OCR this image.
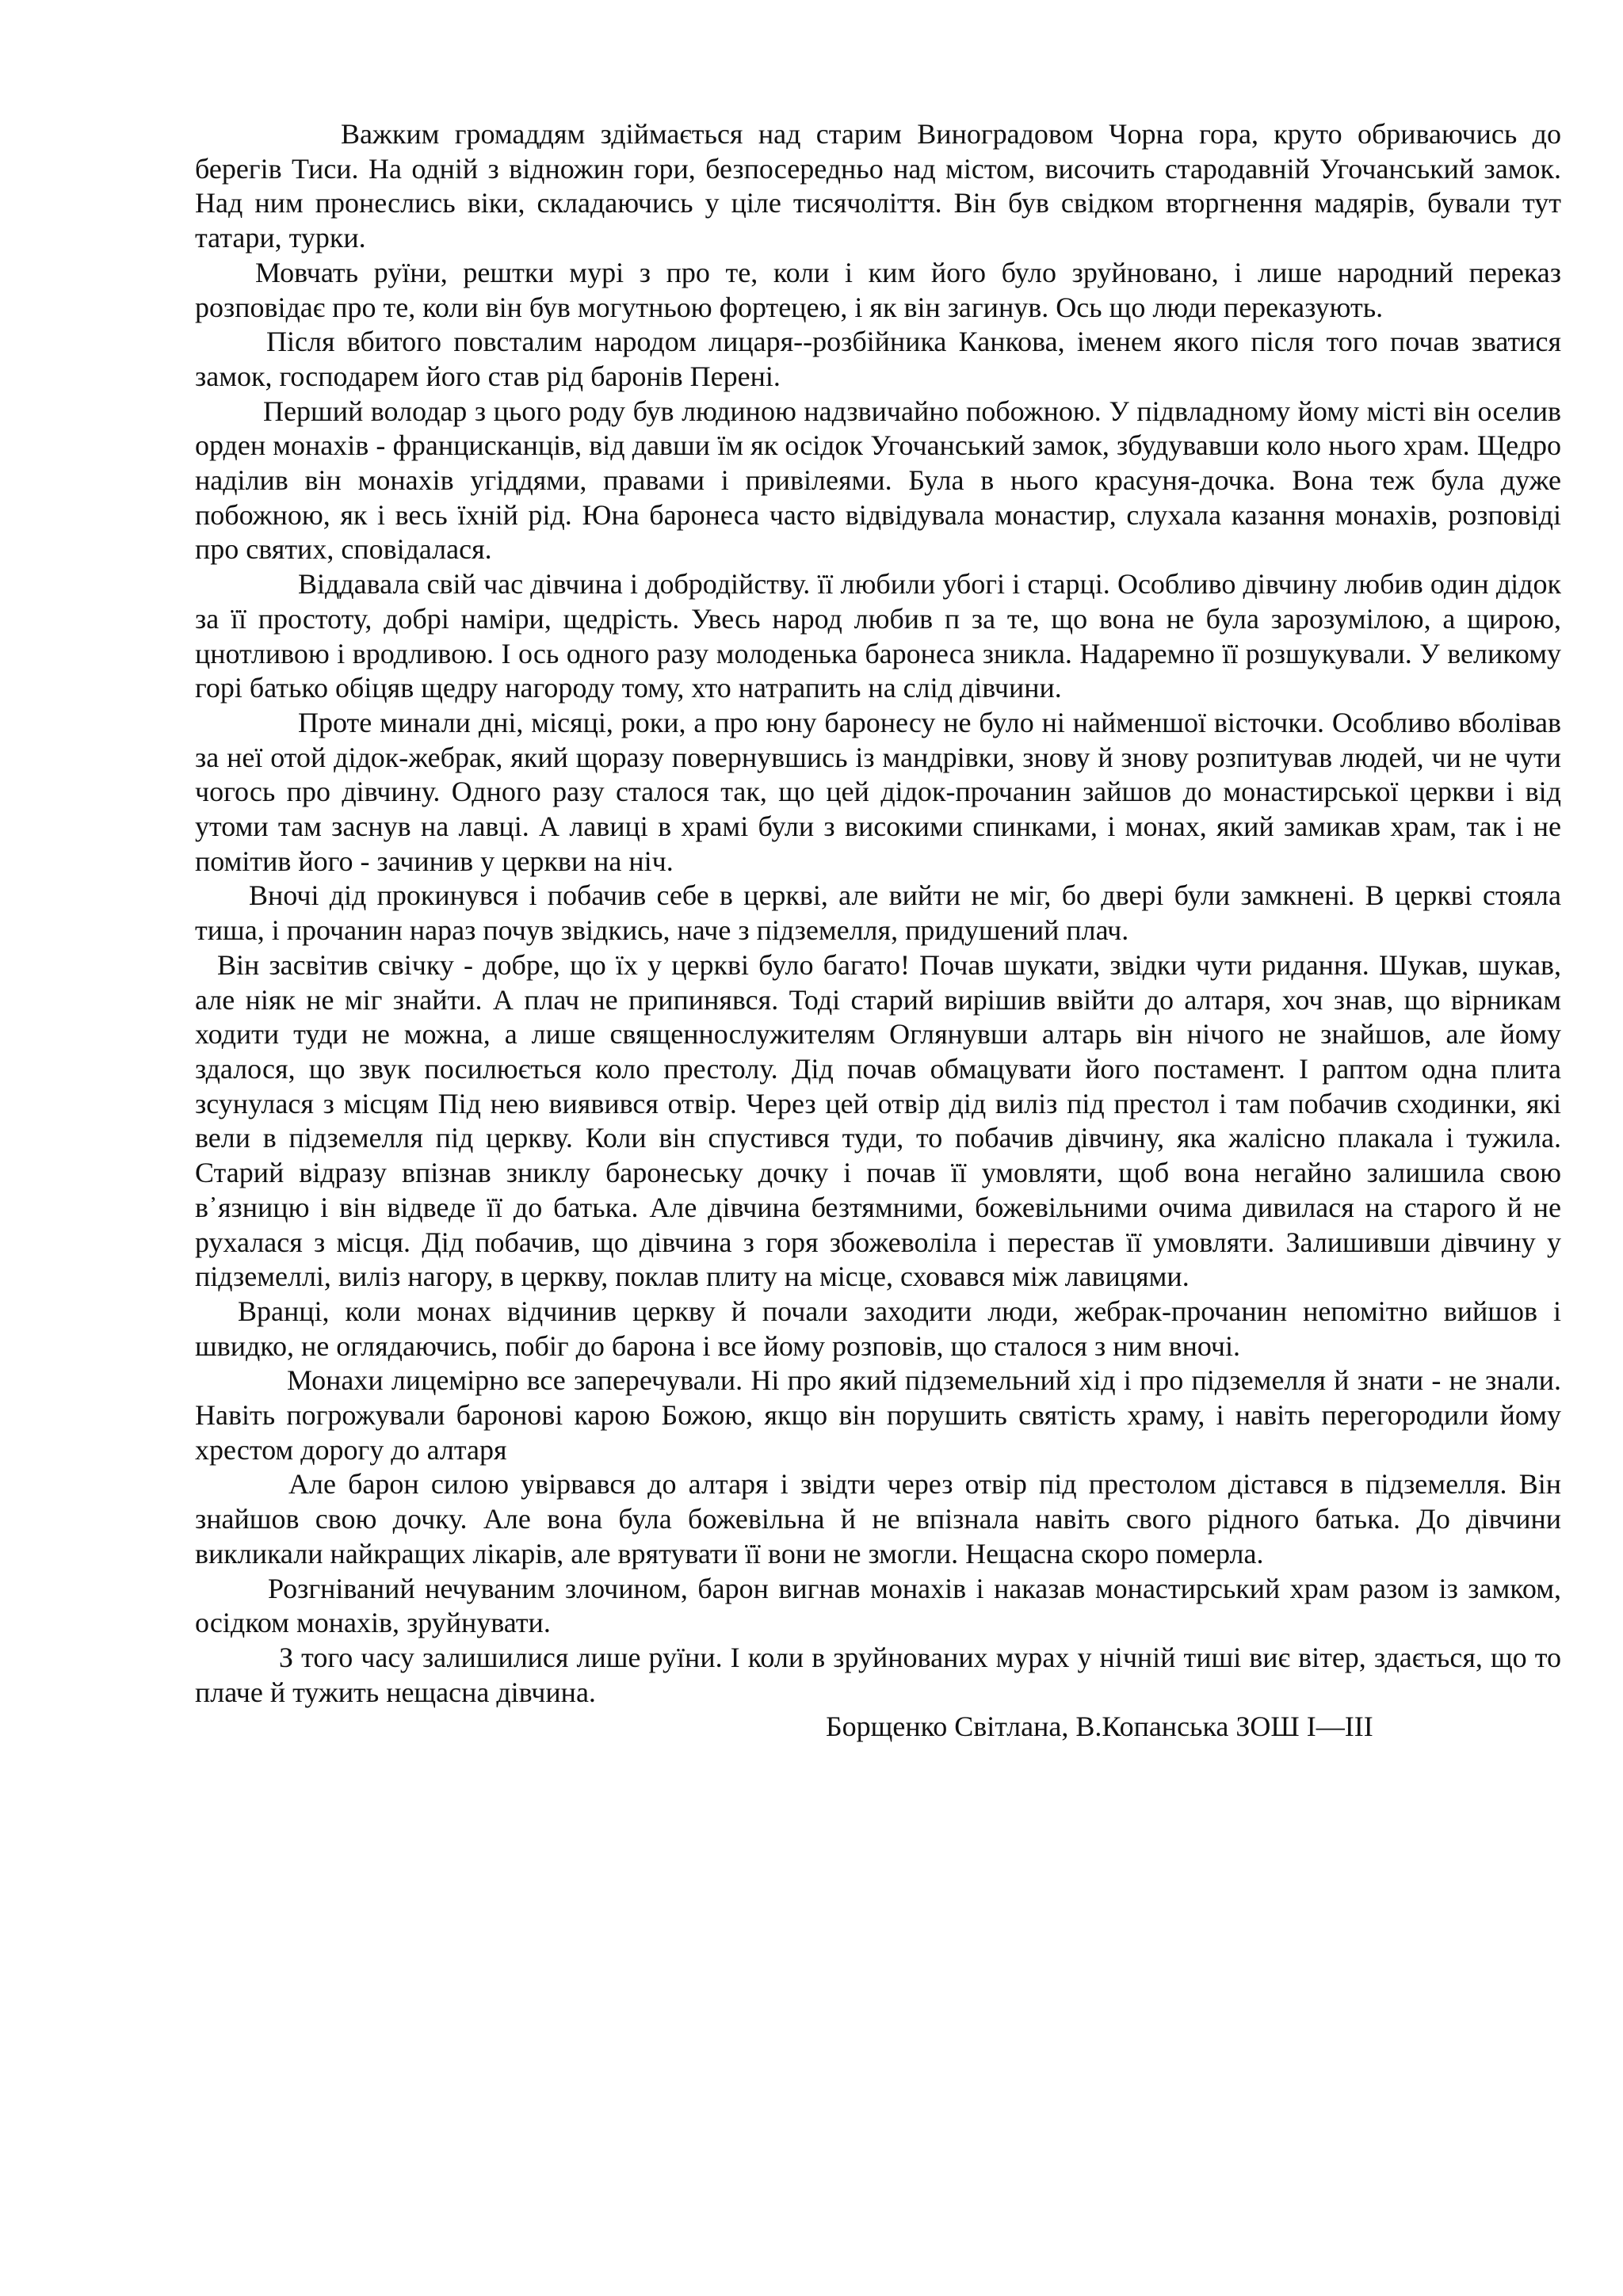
Важким громаддям здіймається над старим Виноградовом Чорна гора, круто обриваючись до берегів Тиси. На одній з відножин гори, безпосередньо над містом, височить стародавній Угочанський замок. Над ним пронеслись віки, складаючись у ціле тисячоліття. Він був свідком вторгнення мадярів, бували тут татари, турки.

Мовчать руїни, рештки мурі з про те, коли і ким його було зруйновано, і лише народний переказ розповідає про те, коли він був могутньою фортецею, і як він загинув. Ось що люди переказують.

Після вбитого повсталим народом лицаря--розбійника Канкова, іменем якого після того почав зватися замок, господарем його став рід баронів Перені.

Перший володар з цього роду був людиною надзвичайно побожною. У підвладному йому місті він оселив орден монахів - францисканців, від давши їм як осідок Угочанський замок, збудувавши коло нього храм. Щедро наділив він монахів угіддями, правами і привілеями. Була в нього красуня-дочка. Вона теж була дуже побожною, як і весь їхній рід. Юна баронеса часто відвідувала монастир, слухала казання монахів, розповіді про святих, сповідалася.

Віддавала свій час дівчина і добродійству. її любили убогі і старці. Особливо дівчину любив один дідок за її простоту, добрі наміри, щедрість. Увесь народ любив п за те, що вона не була зарозумілою, а щирою, цнотливою і вродливою. І ось одного разу молоденька баронеса зникла. Надаремно її розшукували. У великому горі батько обіцяв щедру нагороду тому, хто натрапить на слід дівчини.

Проте минали дні, місяці, роки, а про юну баронесу не було ні найменшої вісточки. Особливо вболівав за неї отой дідок-жебрак, який щоразу повернувшись із мандрівки, знову й знову розпитував людей, чи не чути чогось про дівчину. Одного разу сталося так, що цей дідок-прочанин зайшов до монастирської церкви і від утоми там заснув на лавці. А лавиці в храмі були з високими спинками, і монах, який замикав храм, так і не помітив його - зачинив у церкви на ніч.

Вночі дід прокинувся і побачив себе в церкві, але вийти не міг, бо двері були замкнені. В церкві стояла тиша, і прочанин нараз почув звідкись, наче з підземелля, придушений плач.

Він засвітив свічку - добре, що їх у церкві було багато! Почав шукати, звідки чути ридання. Шукав, шукав, але ніяк не міг знайти. А плач не припинявся. Тоді старий вирішив ввійти до алтаря, хоч знав, що вірникам ходити туди не можна, а лише священнослужителям Оглянувши алтарь він нічого не знайшов, але йому здалося, що звук посилюється коло престолу. Дід почав обмацувати його постамент. І раптом одна плита зсунулася з місцям Під нею виявився отвір. Через цей отвір дід виліз під престол і там побачив сходинки, які вели в підземелля під церкву. Коли він спустився туди, то побачив дівчину, яка жалісно плакала і тужила. Старий відразу впізнав зниклу баронеську дочку і почав її умовляти, щоб вона негайно залишила свою в᾿язницю і він відведе її до батька. Але дівчина безтямними, божевільними очима дивилася на старого й не рухалася з місця. Дід побачив, що дівчина з горя збожеволіла і перестав її умовляти. Залишивши дівчину у підземеллі, виліз нагору, в церкву, поклав плиту на місце, сховався між лавицями.

Вранці, коли монах відчинив церкву й почали заходити люди, жебрак-прочанин непомітно вийшов і швидко, не оглядаючись, побіг до барона і все йому розповів, що сталося з ним вночі.

Монахи лицемірно все заперечували. Ні про який підземельний хід і про підземелля й знати - не знали. Навіть погрожували баронові карою Божою, якщо він порушить святість храму, і навіть перегородили йому хрестом дорогу до алтаря

Але барон силою увірвався до алтаря і звідти через отвір під престолом дістався в підземелля. Він знайшов свою дочку. Але вона була божевільна й не впізнала навіть свого рідного батька. До дівчини викликали найкращих лікарів, але врятувати її вони не змогли. Нещасна скоро померла.

Розгніваний нечуваним злочином, барон вигнав монахів і наказав монастирський храм разом із замком, осідком монахів, зруйнувати.

З того часу залишилися лише руїни. І коли в зруйнованих мурах у нічній тиші виє вітер, здається, що то плаче й тужить нещасна дівчина.

Борщенко Світлана, В.Копанська ЗОШ I—III
